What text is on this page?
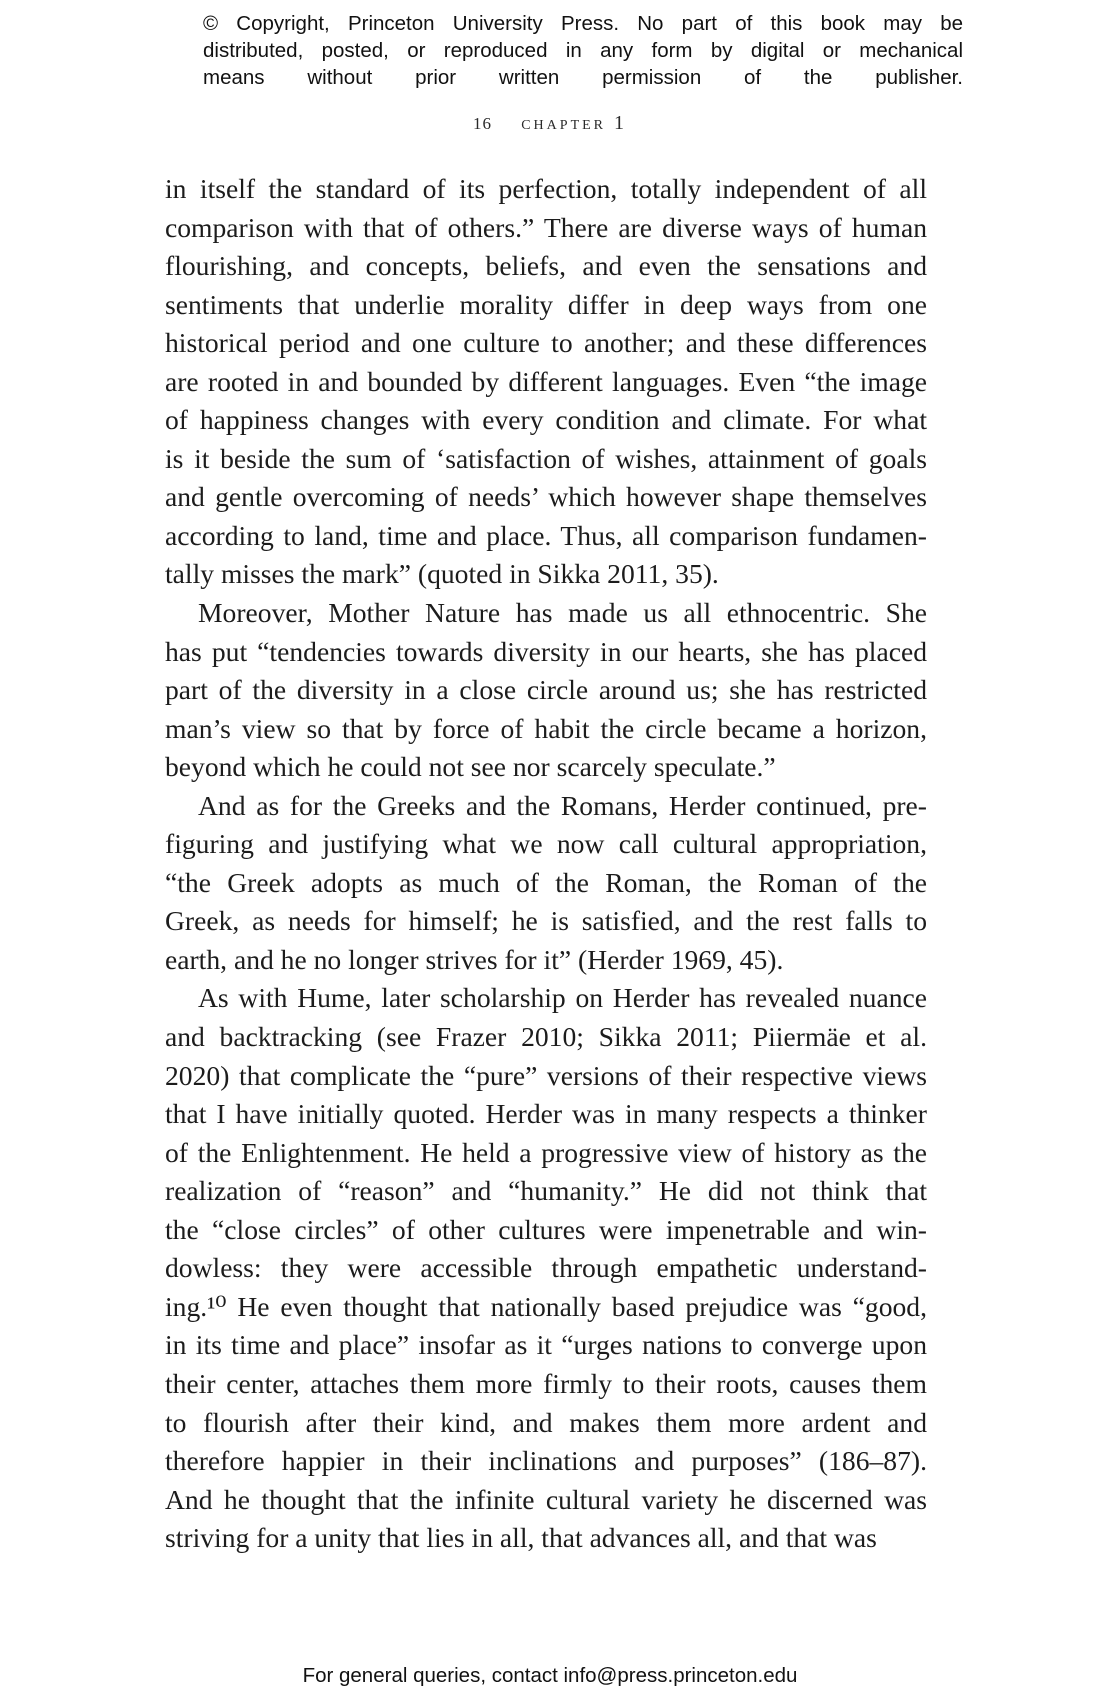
© Copyright, Princeton University Press. No part of this book may be
distributed, posted, or reproduced in any form by digital or mechanical
means without prior written permission of the publisher.
16 chapter 1
in itself the standard of its perfection, totally independent of all
comparison with that of others.” There are diverse ways of human
flourishing, and concepts, beliefs, and even the sensations and
sentiments that underlie morality differ in deep ways from one
historical period and one culture to another; and these differences
are rooted in and bounded by different languages. Even “the image
of happiness changes with every condition and climate. For what
is it beside the sum of ‘satisfaction of wishes, attainment of goals
and gentle overcoming of needs’ which however shape themselves
according to land, time and place. Thus, all comparison fundamen-
tally misses the mark” (quoted in Sikka 2011, 35).
Moreover, Mother Nature has made us all ethnocentric. She
has put “tendencies towards diversity in our hearts, she has placed
part of the diversity in a close circle around us; she has restricted
man’s view so that by force of habit the circle became a horizon,
beyond which he could not see nor scarcely speculate.”
And as for the Greeks and the Romans, Herder continued, pre-
figuring and justifying what we now call cultural appropriation,
“the Greek adopts as much of the Roman, the Roman of the
Greek, as needs for himself; he is satisfied, and the rest falls to
earth, and he no longer strives for it” (Herder 1969, 45).
As with Hume, later scholarship on Herder has revealed nuance
and backtracking (see Frazer 2010; Sikka 2011; Piiermäe et al.
2020) that complicate the “pure” versions of their respective views
that I have initially quoted. Herder was in many respects a thinker
of the Enlightenment. He held a progressive view of history as the
realization of “reason” and “humanity.” He did not think that
the “close circles” of other cultures were impenetrable and win-
dowless: they were accessible through empathetic understand-
ing.¹⁰ He even thought that nationally based prejudice was “good,
in its time and place” insofar as it “urges nations to converge upon
their center, attaches them more firmly to their roots, causes them
to flourish after their kind, and makes them more ardent and
therefore happier in their inclinations and purposes” (186–87).
And he thought that the infinite cultural variety he discerned was
striving for a unity that lies in all, that advances all, and that was
For general queries, contact info@press.princeton.edu
